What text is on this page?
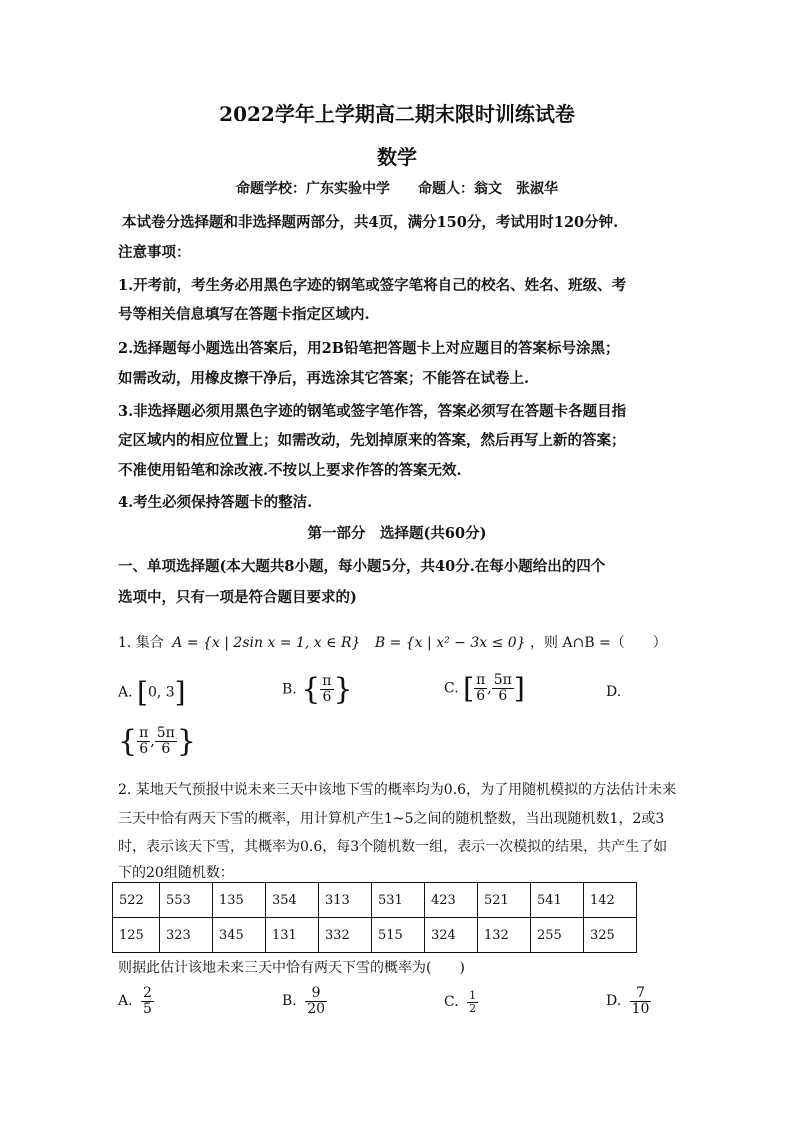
2022学年上学期高二期末限时训练试卷
数学
命题学校：广东实验中学　　命题人：翁文　张淑华
本试卷分选择题和非选择题两部分，共4页，满分150分，考试用时120分钟.
注意事项：
1.开考前，考生务必用黑色字迹的钢笔或签字笔将自己的校名、姓名、班级、考
号等相关信息填写在答题卡指定区域内.
2.选择题每小题选出答案后，用2B铅笔把答题卡上对应题目的答案标号涂黑；
如需改动，用橡皮擦干净后，再选涂其它答案；不能答在试卷上.
3.非选择题必须用黑色字迹的钢笔或签字笔作答，答案必须写在答题卡各题目指
定区域内的相应位置上；如需改动，先划掉原来的答案，然后再写上新的答案；
不准使用铅笔和涂改液.不按以上要求作答的答案无效.
4.考生必须保持答题卡的整洁.
第一部分　选择题(共60分)
一、单项选择题(本大题共8小题，每小题5分，共40分.在每小题给出的四个
选项中，只有一项是符合题目要求的)
1. 集合 A = {x | 2sin x = 1, x ∈ R} B = {x | x² − 3x ≤ 0} ，则 A∩B =（　　）
A. [0, 3]	B. { $\frac{\pi}{6}$ }	C. [ $\frac{\pi}{6}$ , $\frac{5\pi}{6}$ ]	D.
{ $\frac{\pi}{6}$ , $\frac{5\pi}{6}$ }
2. 某地天气预报中说未来三天中该地下雪的概率均为0.6，为了用随机模拟的方法估计未来
三天中恰有两天下雪的概率，用计算机产生1~5之间的随机整数，当出现随机数1，2或3
时，表示该天下雪，其概率为0.6，每3个随机数一组，表示一次模拟的结果，共产生了如
下的20组随机数：
522	553	135	354	313	531	423	521	541	142
125	323	345	131	332	515	324	132	255	325
则据此估计该地未来三天中恰有两天下雪的概率为(　　)
A. $\frac{2}{5}$	B. $\frac{9}{20}$	C. $\frac{1}{2}$	D. $\frac{7}{10}$
